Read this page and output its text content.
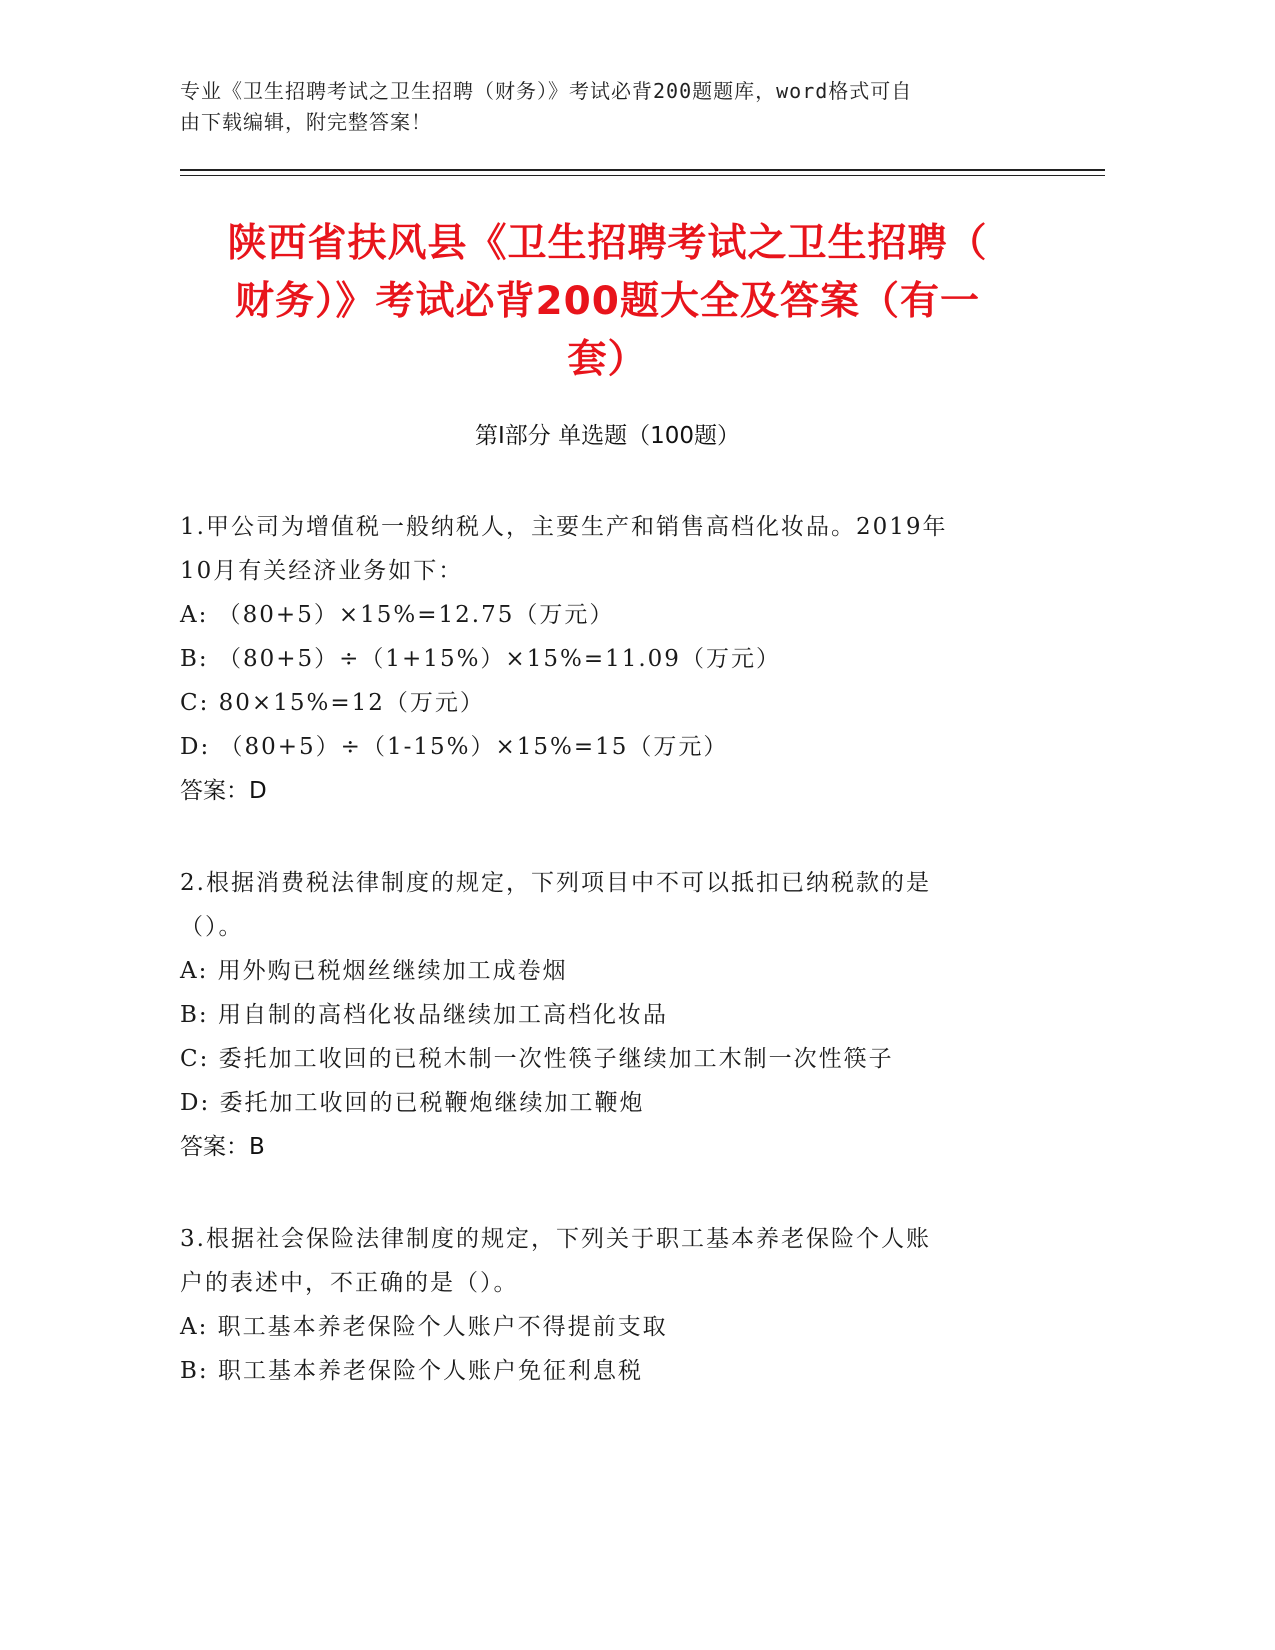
专业《卫生招聘考试之卫生招聘（财务）》考试必背200题题库，word格式可自
由下载编辑，附完整答案！
陕西省扶风县《卫生招聘考试之卫生招聘（
财务）》考试必背200题大全及答案（有一
套）
第I部分 单选题（100题）
1.甲公司为增值税一般纳税人，主要生产和销售高档化妆品。2019年
10月有关经济业务如下：
A: （80+5）×15%=12.75（万元）
B: （80+5）÷（1+15%）×15%=11.09（万元）
C: 80×15%=12（万元）
D: （80+5）÷（1-15%）×15%=15（万元）
答案：D
2.根据消费税法律制度的规定，下列项目中不可以抵扣已纳税款的是
（）。
A: 用外购已税烟丝继续加工成卷烟
B: 用自制的高档化妆品继续加工高档化妆品
C: 委托加工收回的已税木制一次性筷子继续加工木制一次性筷子
D: 委托加工收回的已税鞭炮继续加工鞭炮
答案：B
3.根据社会保险法律制度的规定，下列关于职工基本养老保险个人账
户的表述中，不正确的是（）。
A: 职工基本养老保险个人账户不得提前支取
B: 职工基本养老保险个人账户免征利息税
